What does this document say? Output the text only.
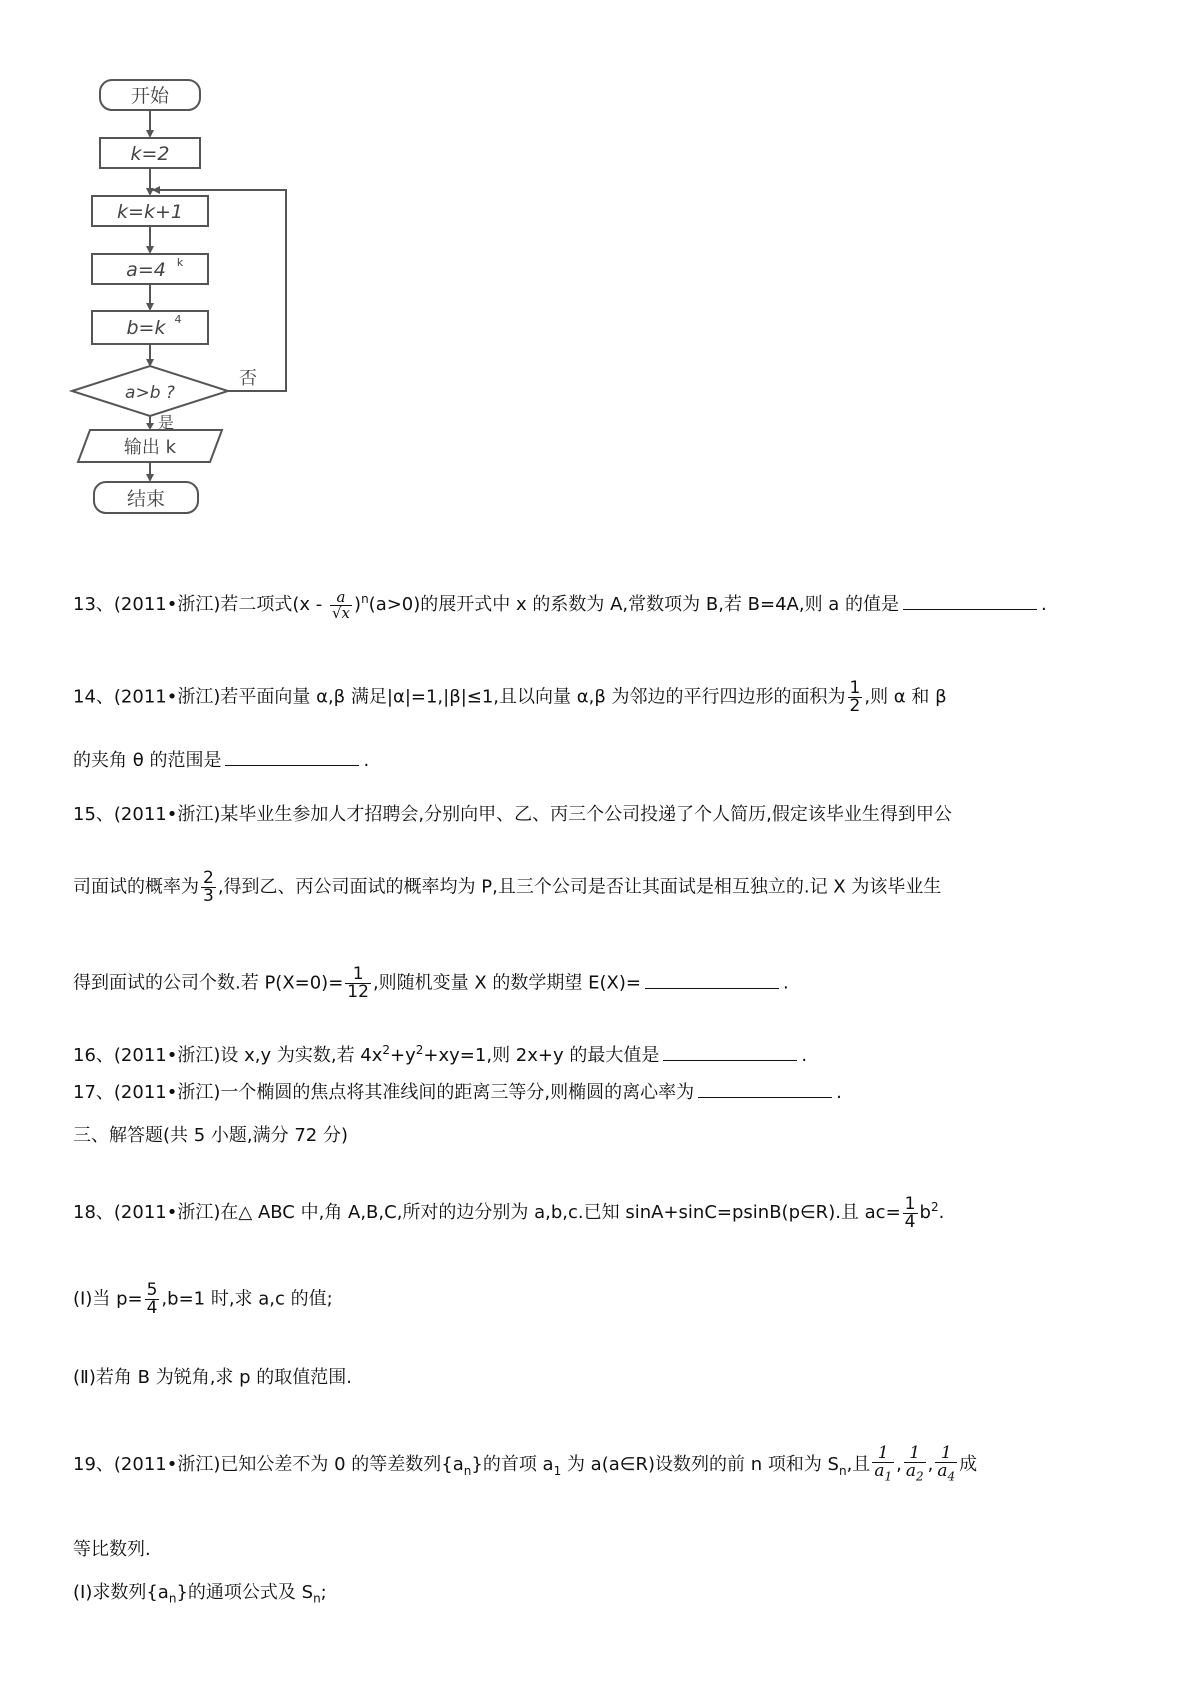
开始
k=2
k=k+1
a=4 k
b=k 4
a>b ?
否
是
输出 k
结束
13、(2011•浙江)若二项式$(x - \frac{a}{√x} )^n(a>0)$的展开式中 x 的系数为 A,常数项为 B,若 B=4A,则 a 的值是	.
14、(2011•浙江)若平面向量 α,β 满足|α|=1,|β|≤1,且以向量 α,β 为邻边的平行四边形的面积为 $\frac{1}{2}$ ,则 α 和 β
的夹角 θ 的范围是	.
15、(2011•浙江)某毕业生参加人才招聘会,分别向甲、乙、丙三个公司投递了个人简历,假定该毕业生得到甲公
司面试的概率为 $\frac{2}{3}$ ,得到乙、丙公司面试的概率均为 P,且三个公司是否让其面试是相互独立的.记 X 为该毕业生
得到面试的公司个数.若 $P(X=0)= \frac{1}{12}$ ,则随机变量 X 的数学期望 E(X)=	.
16、(2011•浙江)设 x,y 为实数,若 $4x^2+y^2+xy=1$,则 2x+y 的最大值是	.
17、(2011•浙江)一个椭圆的焦点将其准线间的距离三等分,则椭圆的离心率为	.
三、解答题(共 5 小题,满分 72 分)
18、(2011•浙江)在△ ABC 中,角 A,B,C,所对的边分别为 a,b,c.已知 sinA+sinC=psinB(p∈R).且 $ac= \frac{1}{4} b^2$.
(Ⅰ)当 $p= \frac{5}{4} ,b=1$ 时,求 a,c 的值;
(Ⅱ)若角 B 为锐角,求 p 的取值范围.
19、(2011•浙江)已知公差不为 0 的等差数列$\{a_n\}$的首项 $a_1$ 为 a(a∈R)设数列的前 n 项和为 $S_n$,且 $\frac{1}{a_1}$ , $\frac{1}{a_2}$ , $\frac{1}{a_4}$ 成
等比数列.
(Ⅰ)求数列$\{a_n\}$的通项公式及 $S_n$;
